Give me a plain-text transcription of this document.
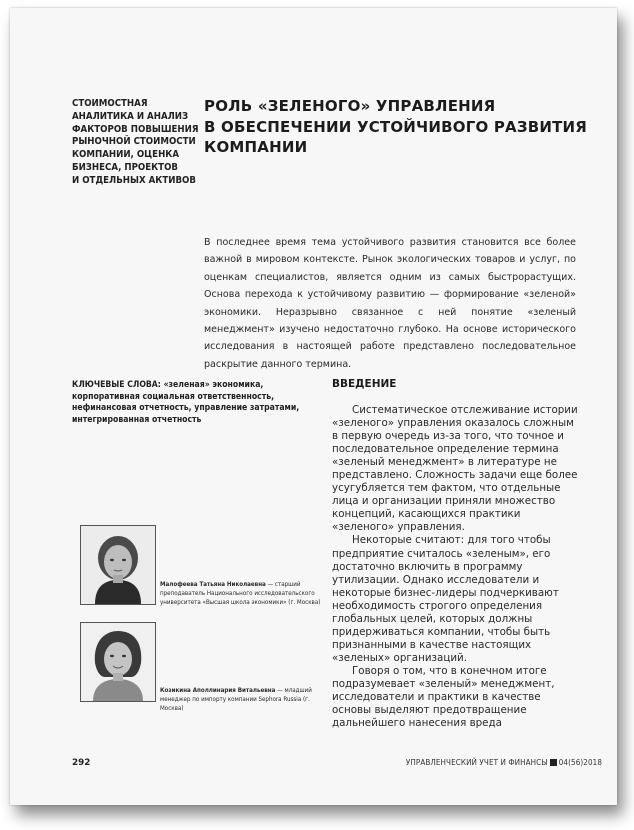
СТОИМОСТНАЯ
АНАЛИТИКА И АНАЛИЗ
ФАКТОРОВ ПОВЫШЕНИЯ
РЫНОЧНОЙ СТОИМОСТИ
КОМПАНИИ, ОЦЕНКА
БИЗНЕСА, ПРОЕКТОВ
И ОТДЕЛЬНЫХ АКТИВОВ
РОЛЬ «ЗЕЛЕНОГО» УПРАВЛЕНИЯ
В ОБЕСПЕЧЕНИИ УСТОЙЧИВОГО РАЗВИТИЯ
КОМПАНИИ

В последнее время тема устойчивого развития становится все более важной в мировом контексте. Рынок экологических товаров и услуг, по оценкам специалистов, является одним из самых быстрорастущих. Основа перехода к устойчивому развитию — формирование «зеленой» экономики. Неразрывно связанное с ней понятие «зеленый менеджмент» изучено недостаточно глубоко. На основе исторического исследования в настоящей работе представлено последовательное раскрытие данного термина.

КЛЮЧЕВЫЕ СЛОВА: «зеленая» экономика, корпоративная социальная ответственность, нефинансовая отчетность, управление затратами, интегрированная отчетность

ВВЕДЕНИЕ

Систематическое отслеживание истории «зеленого» управления оказалось сложным в первую очередь из-за того, что точное и последовательное определение термина «зеленый менеджмент» в литературе не представлено. Сложность задачи еще более усугубляется тем фактом, что отдельные лица и организации приняли множество концепций, касающихся практики «зеленого» управления.

Некоторые считают: для того чтобы предприятие считалось «зеленым», его достаточно включить в программу утилизации. Однако исследователи и некоторые бизнес-лидеры подчеркивают необходимость строгого определения глобальных целей, которых должны придерживаться компании, чтобы быть признанными в качестве настоящих «зеленых» организаций.

Говоря о том, что в конечном итоге подразумевает «зеленый» менеджмент, исследователи и практики в качестве основы выделяют предотвращение дальнейшего нанесения вреда

Малофеева Татьяна Николаевна — старший преподаватель Национального исследовательского университета «Высшая школа экономики» (г. Москва)
Козикина Аполлинария Витальевна — младший менеджер по импорту компании Sephora Russia (г. Москва)
292	УПРАВЛЕНЧЕСКИЙ УЧЕТ И ФИНАНСЫ 04(56)2018
